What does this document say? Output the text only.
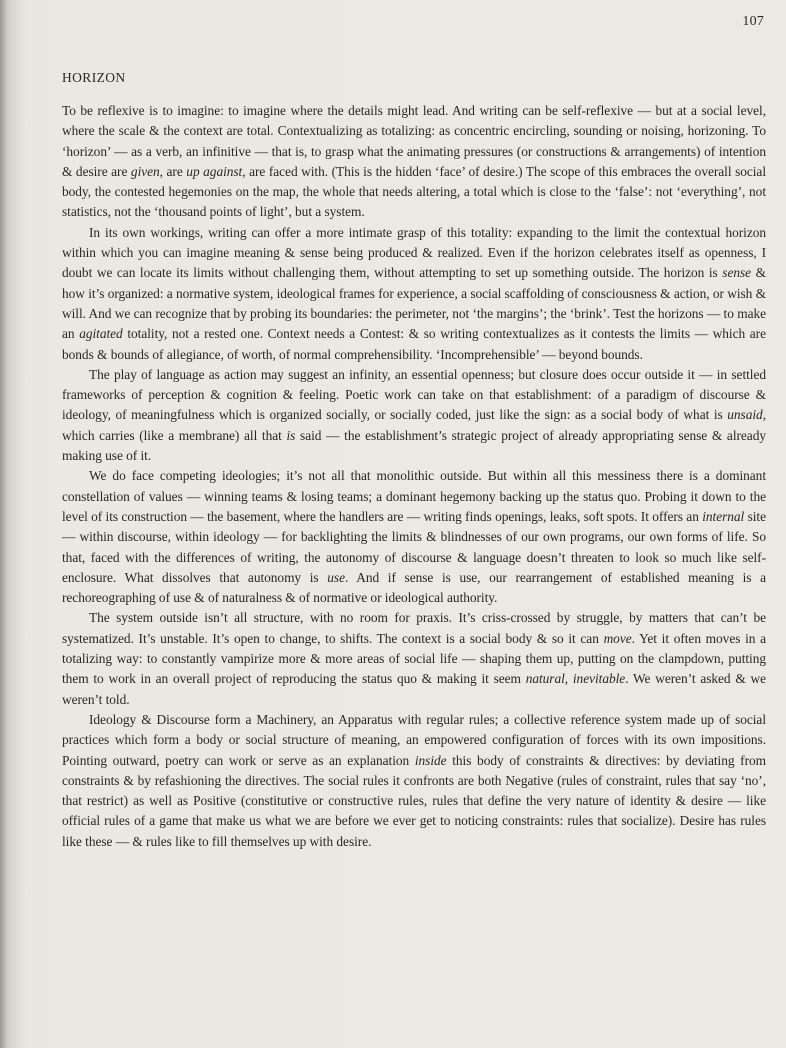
107
HORIZON

To be reflexive is to imagine: to imagine where the details might lead. And writing can be self-reflexive — but at a social level, where the scale & the context are total. Contextualizing as totalizing: as concentric encircling, sounding or noising, horizoning. To ‘horizon’ — as a verb, an infinitive — that is, to grasp what the animating pressures (or constructions & arrangements) of intention & desire are given, are up against, are faced with. (This is the hidden ‘face’ of desire.) The scope of this embraces the overall social body, the contested hegemonies on the map, the whole that needs altering, a total which is close to the ‘false’: not ‘everything’, not statistics, not the ‘thousand points of light’, but a system.

In its own workings, writing can offer a more intimate grasp of this totality: expanding to the limit the contextual horizon within which you can imagine meaning & sense being produced & realized. Even if the horizon celebrates itself as openness, I doubt we can locate its limits without challenging them, without attempting to set up something outside. The horizon is sense & how it’s organized: a normative system, ideological frames for experience, a social scaffolding of consciousness & action, or wish & will. And we can recognize that by probing its boundaries: the perimeter, not ‘the margins’; the ‘brink’. Test the horizons — to make an agitated totality, not a rested one. Context needs a Contest: & so writing contextualizes as it contests the limits — which are bonds & bounds of allegiance, of worth, of normal comprehensibility. ‘Incomprehensible’ — beyond bounds.

The play of language as action may suggest an infinity, an essential openness; but closure does occur outside it — in settled frameworks of perception & cognition & feeling. Poetic work can take on that establishment: of a paradigm of discourse & ideology, of meaningfulness which is organized socially, or socially coded, just like the sign: as a social body of what is unsaid, which carries (like a membrane) all that is said — the establishment’s strategic project of already appropriating sense & already making use of it.

We do face competing ideologies; it’s not all that monolithic outside. But within all this messiness there is a dominant constellation of values — winning teams & losing teams; a dominant hegemony backing up the status quo. Probing it down to the level of its construction — the basement, where the handlers are — writing finds openings, leaks, soft spots. It offers an internal site — within discourse, within ideology — for backlighting the limits & blindnesses of our own programs, our own forms of life. So that, faced with the differences of writing, the autonomy of discourse & language doesn’t threaten to look so much like self-enclosure. What dissolves that autonomy is use. And if sense is use, our rearrangement of established meaning is a rechoreographing of use & of naturalness & of normative or ideological authority.

The system outside isn’t all structure, with no room for praxis. It’s criss-crossed by struggle, by matters that can’t be systematized. It’s unstable. It’s open to change, to shifts. The context is a social body & so it can move. Yet it often moves in a totalizing way: to constantly vampirize more & more areas of social life — shaping them up, putting on the clampdown, putting them to work in an overall project of reproducing the status quo & making it seem natural, inevitable. We weren’t asked & we weren’t told.

Ideology & Discourse form a Machinery, an Apparatus with regular rules; a collective reference system made up of social practices which form a body or social structure of meaning, an empowered configuration of forces with its own impositions. Pointing outward, poetry can work or serve as an explanation inside this body of constraints & directives: by deviating from constraints & by refashioning the directives. The social rules it confronts are both Negative (rules of constraint, rules that say ‘no’, that restrict) as well as Positive (constitutive or constructive rules, rules that define the very nature of identity & desire — like official rules of a game that make us what we are before we ever get to noticing constraints: rules that socialize). Desire has rules like these — & rules like to fill themselves up with desire.
